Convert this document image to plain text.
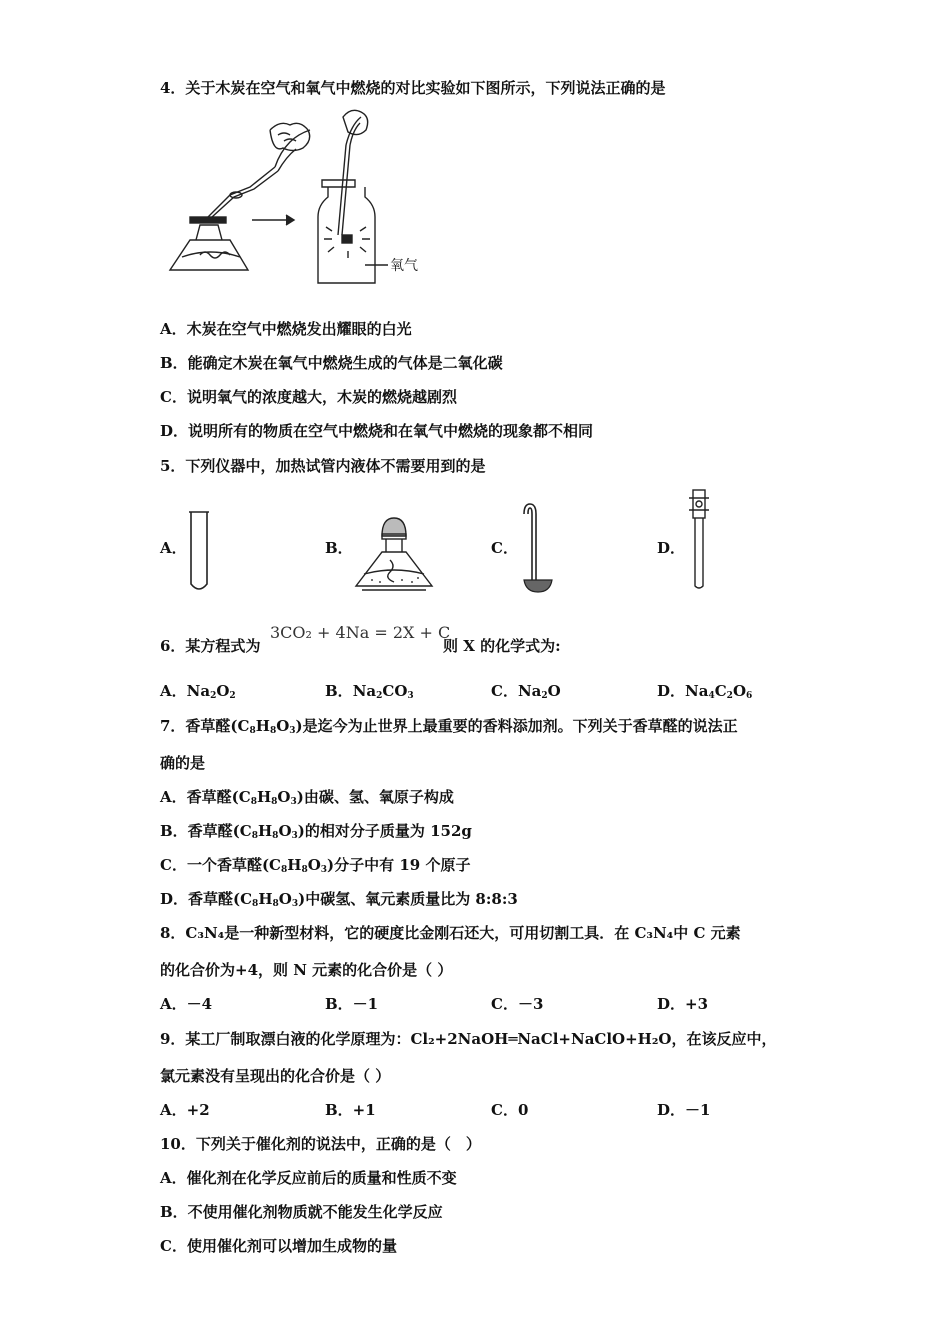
4．关于木炭在空气和氧气中燃烧的对比实验如下图所示，下列说法正确的是
氧气
A．木炭在空气中燃烧发出耀眼的白光
B．能确定木炭在氧气中燃烧生成的气体是二氧化碳
C．说明氧气的浓度越大，木炭的燃烧越剧烈
D．说明所有的物质在空气中燃烧和在氧气中燃烧的现象都不相同
5．下列仪器中，加热试管内液体不需要用到的是
A．	B．	C．	D．
6．某方程式为
3CO₂ + 4Na = 2X + C
则 X 的化学式为:
A．$Na_2O_2$	B．$Na_2CO_3$	C．$Na_2O$	D．$Na_4C_2O_6$
7．香草醛$(C_8H_8O_3)$是迄今为止世界上最重要的香料添加剂。下列关于香草醛的说法正
确的是
A．香草醛$(C_8H_8O_3)$由碳、氢、氧原子构成
B．香草醛$(C_8H_8O_3)$的相对分子质量为 152g
C．一个香草醛$(C_8H_8O_3)$分子中有 19 个原子
D．香草醛$(C_8H_8O_3)$中碳氢、氧元素质量比为 8:8:3
8．C₃N₄是一种新型材料，它的硬度比金刚石还大，可用切割工具．在 C₃N₄中 C 元素
的化合价为+4，则 N 元素的化合价是（ ）
A．－4	B．－1	C．－3	D．+3
9．某工厂制取漂白液的化学原理为：Cl₂+2NaOH═NaCl+NaClO+H₂O，在该反应中，
氯元素没有呈现出的化合价是（ ）
A．+2	B．+1	C．0	D．－1
10．下列关于催化剂的说法中，正确的是（　）
A．催化剂在化学反应前后的质量和性质不变
B．不使用催化剂物质就不能发生化学反应
C．使用催化剂可以增加生成物的量
